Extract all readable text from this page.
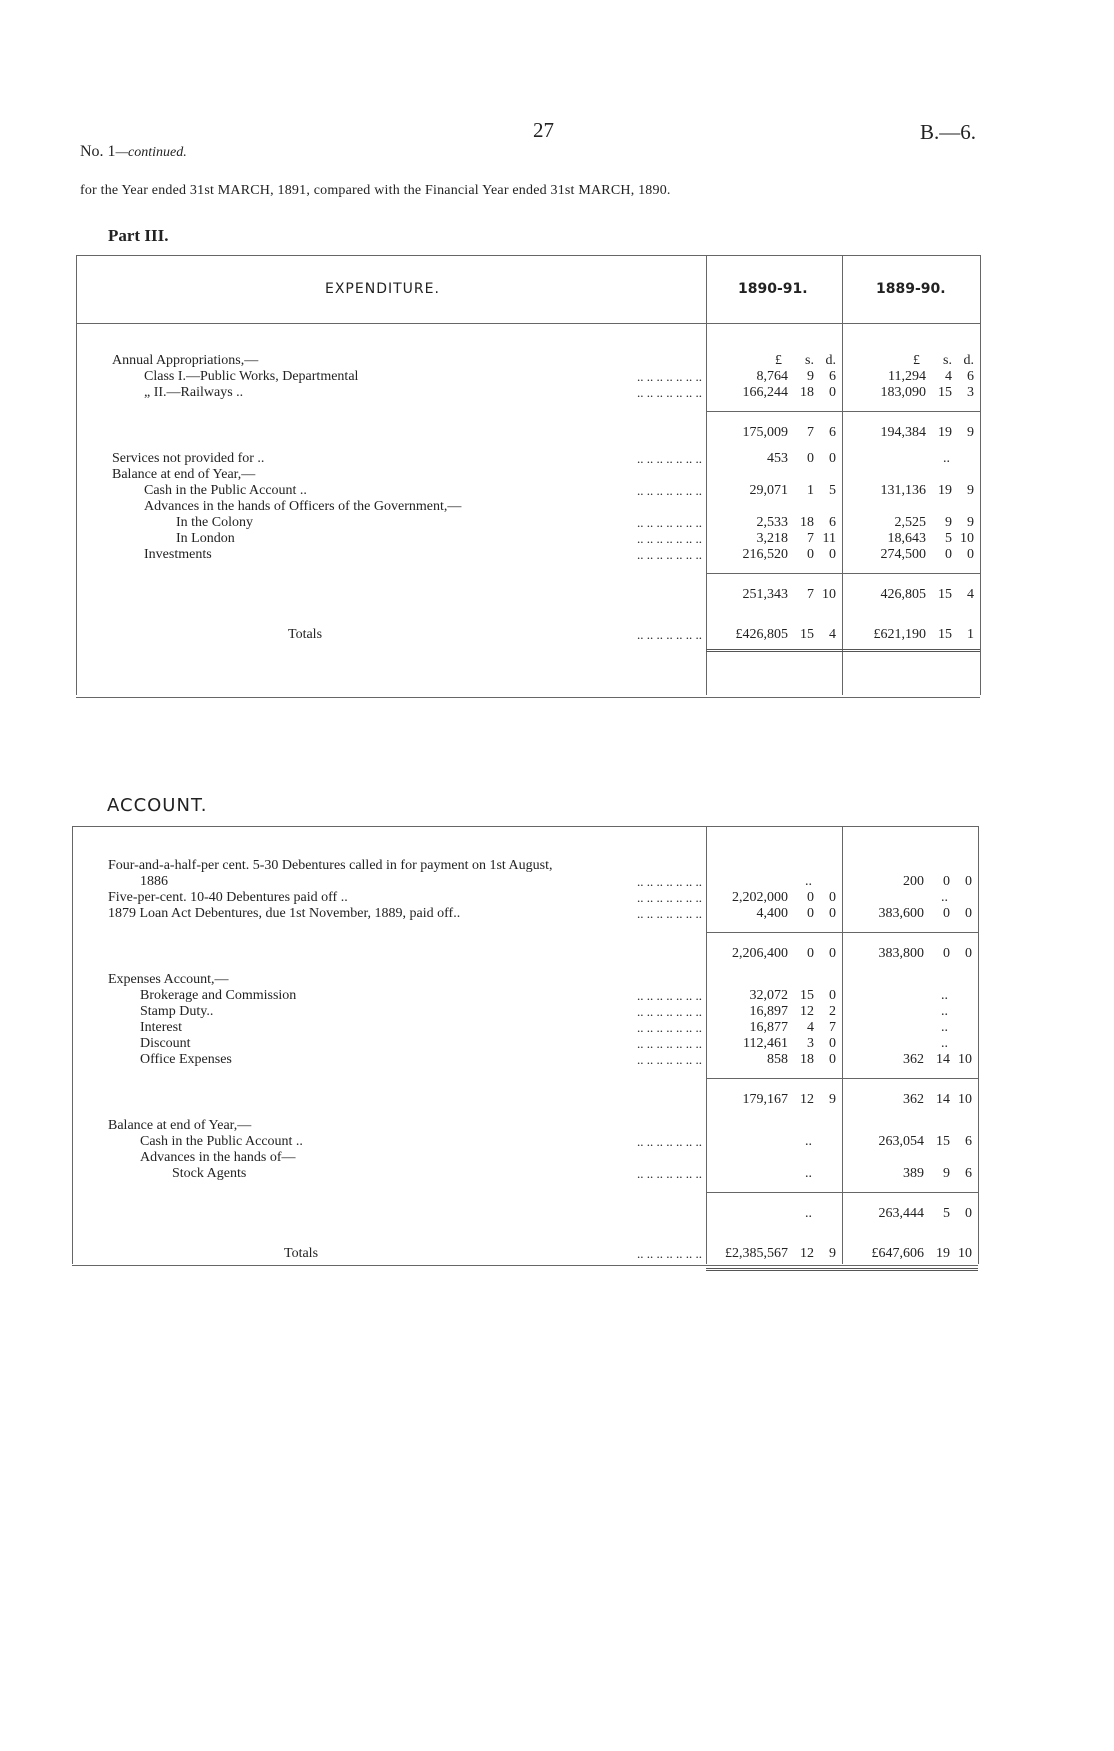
27	B.—6.
No. 1—continued.
for the Year ended 31st MARCH, 1891, compared with the Financial Year ended 31st MARCH, 1890.
Part III.
EXPENDITURE.	1890-91.	1889-90.
£ s. d.	£ s. d.
Annual Appropriations,—
Class I.—Public Works, Departmental	.. .. .. .. .. .. ..	8,764 9 6	11,294 4 6
„ II.—Railways ..	.. .. .. .. .. .. ..	166,244 18 0	183,090 15 3
175,009 7 6	194,384 19 9
Services not provided for ..	.. .. .. .. .. .. ..	453 0 0	..
Balance at end of Year,—
Cash in the Public Account ..	.. .. .. .. .. .. ..	29,071 1 5	131,136 19 9
Advances in the hands of Officers of the Government,—
In the Colony	.. .. .. .. .. .. ..	2,533 18 6	2,525 9 9
In London	.. .. .. .. .. .. ..	3,218 7 11	18,643 5 10
Investments	.. .. .. .. .. .. ..	216,520 0 0	274,500 0 0
251,343 7 10	426,805 15 4
Totals	.. .. .. .. .. .. ..	£426,805 15 4	£621,190 15 1
ACCOUNT.
Four-and-a-half-per cent. 5-30 Debentures called in for payment on 1st August,
1886	.. .. .. .. .. .. ..	..	200 0 0
Five-per-cent. 10-40 Debentures paid off ..	.. .. .. .. .. .. ..	2,202,000 0 0	..
1879 Loan Act Debentures, due 1st November, 1889, paid off..	.. .. .. .. .. .. ..	4,400 0 0	383,600 0 0
2,206,400 0 0	383,800 0 0
Expenses Account,—
Brokerage and Commission	.. .. .. .. .. .. ..	32,072 15 0	..
Stamp Duty..	.. .. .. .. .. .. ..	16,897 12 2	..
Interest	.. .. .. .. .. .. ..	16,877 4 7	..
Discount	.. .. .. .. .. .. ..	112,461 3 0	..
Office Expenses	.. .. .. .. .. .. ..	858 18 0	362 14 10
179,167 12 9	362 14 10
Balance at end of Year,—
Cash in the Public Account ..	.. .. .. .. .. .. ..	..	263,054 15 6
Advances in the hands of—
Stock Agents	.. .. .. .. .. .. ..	..	389 9 6
..	263,444 5 0
Totals	.. .. .. .. .. .. ..	£2,385,567 12 9	£647,606 19 10
